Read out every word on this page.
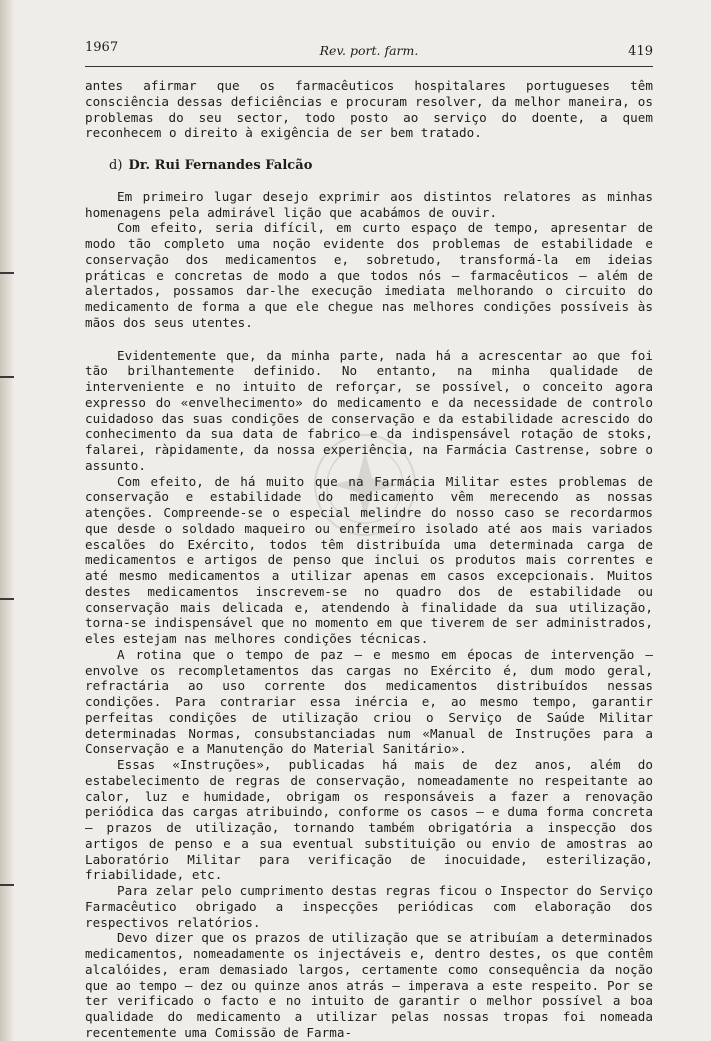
1967	Rev. port. farm.	419

antes afirmar que os farmacêuticos hospitalares portugueses têm consciência dessas deficiências e procuram resolver, da melhor maneira, os problemas do seu sector, todo posto ao serviço do doente, a quem reconhecem o direito à exigência de ser bem tratado.

d) Dr. Rui Fernandes Falcão

Em primeiro lugar desejo exprimir aos distintos relatores as minhas homenagens pela admirável lição que acabámos de ouvir.

Com efeito, seria difícil, em curto espaço de tempo, apresentar de modo tão completo uma noção evidente dos problemas de estabilidade e conservação dos medicamentos e, sobretudo, transformá-la em ideias práticas e concretas de modo a que todos nós — farmacêuticos — além de alertados, possamos dar-lhe execução imediata melhorando o circuito do medicamento de forma a que ele chegue nas melhores condições possíveis às mãos dos seus utentes.

Evidentemente que, da minha parte, nada há a acrescentar ao que foi tão brilhantemente definido. No entanto, na minha qualidade de interveniente e no intuito de reforçar, se possível, o conceito agora expresso do «envelhecimento» do medicamento e da necessidade de controlo cuidadoso das suas condições de conservação e da estabilidade acrescido do conhecimento da sua data de fabrico e da indispensável rotação de stoks, falarei, ràpidamente, da nossa experiência, na Farmácia Castrense, sobre o assunto.

Com efeito, de há muito que na Farmácia Militar estes problemas de conservação e estabilidade do medicamento vêm merecendo as nossas atenções. Compreende-se o especial melindre do nosso caso se recordarmos que desde o soldado maqueiro ou enfermeiro isolado até aos mais variados escalões do Exército, todos têm distribuída uma determinada carga de medicamentos e artigos de penso que inclui os produtos mais correntes e até mesmo medicamentos a utilizar apenas em casos excepcionais. Muitos destes medicamentos inscrevem-se no quadro dos de estabilidade ou conservação mais delicada e, atendendo à finalidade da sua utilização, torna-se indispensável que no momento em que tiverem de ser administrados, eles estejam nas melhores condições técnicas.

A rotina que o tempo de paz — e mesmo em épocas de intervenção — envolve os recompletamentos das cargas no Exército é, dum modo geral, refractária ao uso corrente dos medicamentos distribuídos nessas condições. Para contrariar essa inércia e, ao mesmo tempo, garantir perfeitas condições de utilização criou o Serviço de Saúde Militar determinadas Normas, consubstanciadas num «Manual de Instruções para a Conservação e a Manutenção do Material Sanitário».

Essas «Instruções», publicadas há mais de dez anos, além do estabelecimento de regras de conservação, nomeadamente no respeitante ao calor, luz e humidade, obrigam os responsáveis a fazer a renovação periódica das cargas atribuindo, conforme os casos — e duma forma concreta — prazos de utilização, tornando também obrigatória a inspecção dos artigos de penso e a sua eventual substituição ou envio de amostras ao Laboratório Militar para verificação de inocuidade, esterilização, friabilidade, etc.

Para zelar pelo cumprimento destas regras ficou o Inspector do Serviço Farmacêutico obrigado a inspecções periódicas com elaboração dos respectivos relatórios.

Devo dizer que os prazos de utilização que se atribuíam a determinados medicamentos, nomeadamente os injectáveis e, dentro destes, os que contêm alcalóides, eram demasiado largos, certamente como consequência da noção que ao tempo — dez ou quinze anos atrás — imperava a este respeito. Por se ter verificado o facto e no intuito de garantir o melhor possível a boa qualidade do medicamento a utilizar pelas nossas tropas foi nomeada recentemente uma Comissão de Farma-
